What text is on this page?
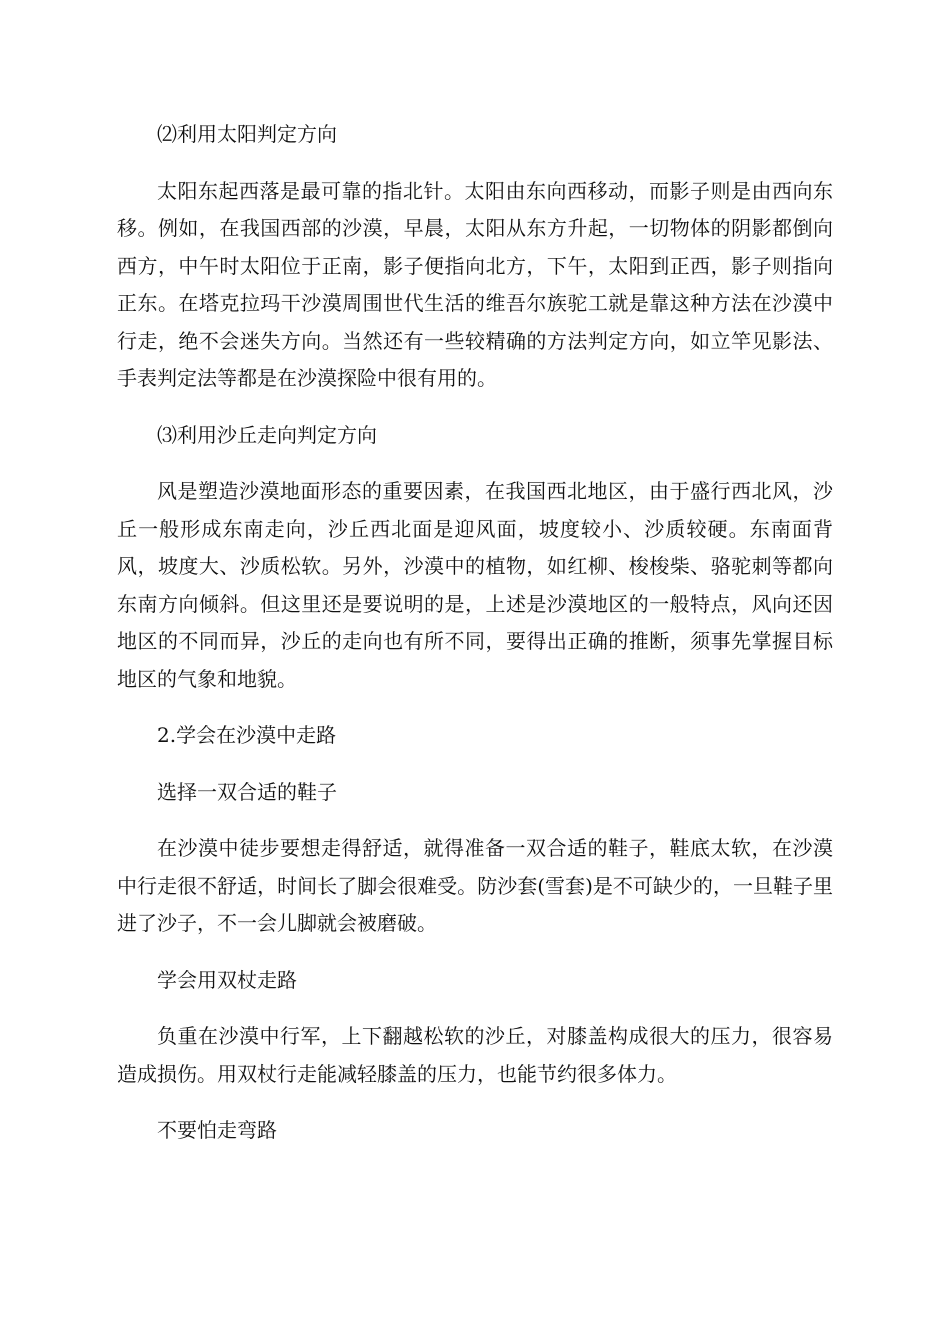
⑵利用太阳判定方向

太阳东起西落是最可靠的指北针。太阳由东向西移动，而影子则是由西向东移。例如，在我国西部的沙漠，早晨，太阳从东方升起，一切物体的阴影都倒向西方，中午时太阳位于正南，影子便指向北方，下午，太阳到正西，影子则指向正东。在塔克拉玛干沙漠周围世代生活的维吾尔族驼工就是靠这种方法在沙漠中行走，绝不会迷失方向。当然还有一些较精确的方法判定方向，如立竿见影法、手表判定法等都是在沙漠探险中很有用的。

⑶利用沙丘走向判定方向

风是塑造沙漠地面形态的重要因素，在我国西北地区，由于盛行西北风，沙丘一般形成东南走向，沙丘西北面是迎风面，坡度较小、沙质较硬。东南面背风，坡度大、沙质松软。另外，沙漠中的植物，如红柳、梭梭柴、骆驼刺等都向东南方向倾斜。但这里还是要说明的是，上述是沙漠地区的一般特点，风向还因地区的不同而异，沙丘的走向也有所不同，要得出正确的推断，须事先掌握目标地区的气象和地貌。

2.学会在沙漠中走路

选择一双合适的鞋子

在沙漠中徒步要想走得舒适，就得准备一双合适的鞋子，鞋底太软，在沙漠中行走很不舒适，时间长了脚会很难受。防沙套(雪套)是不可缺少的，一旦鞋子里进了沙子，不一会儿脚就会被磨破。

学会用双杖走路

负重在沙漠中行军，上下翻越松软的沙丘，对膝盖构成很大的压力，很容易造成损伤。用双杖行走能减轻膝盖的压力，也能节约很多体力。

不要怕走弯路
